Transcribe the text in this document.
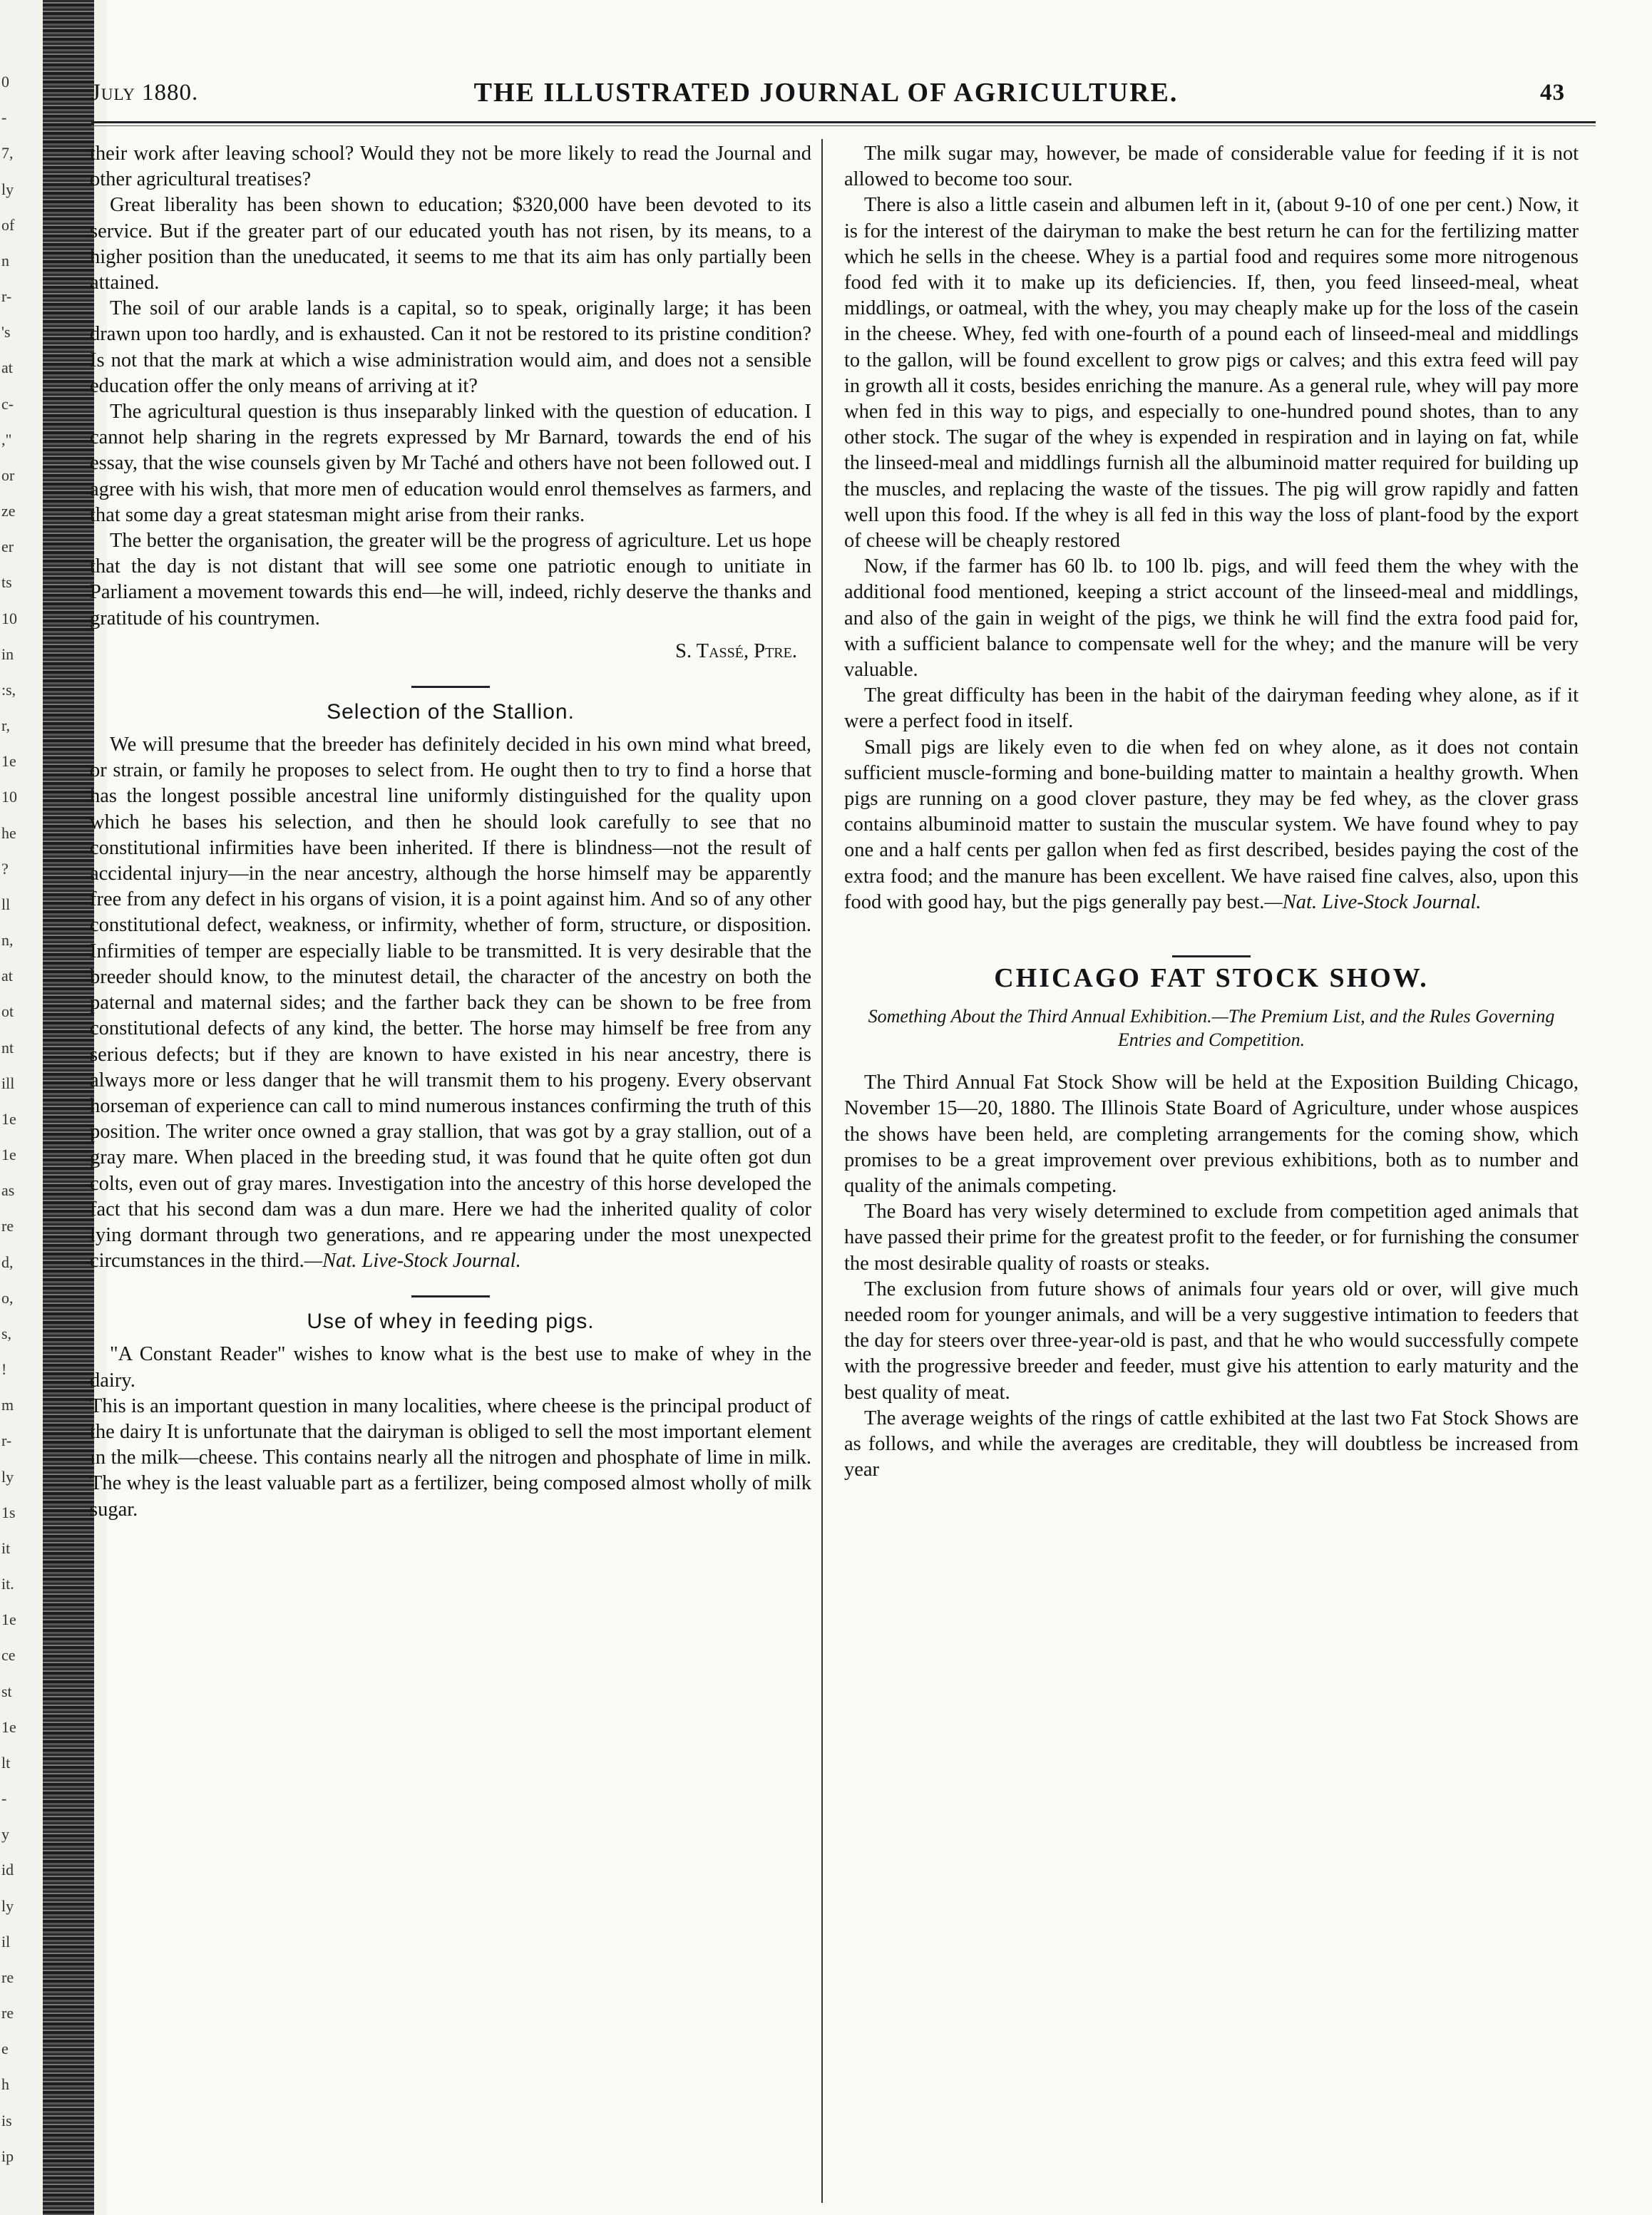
0
-
7,
ly
of
n
r-
's
at
c-
,"
or
ze
er
ts
10
in
:s,
r,
1e
10
he
?
ll
n,
at
ot
nt
ill
1e
1e
as
re
d,
o,
s,
!
m
r-
ly
1s
it
it.
1e
ce
st
1e
lt
-
y
id
ly
il
re
re
e
h
is
ip
July 1880.	THE ILLUSTRATED JOURNAL OF AGRICULTURE.	43

their work after leaving school? Would they not be more likely to read the Journal and other agricultural treatises?

Great liberality has been shown to education; $320,000 have been devoted to its service. But if the greater part of our educated youth has not risen, by its means, to a higher position than the uneducated, it seems to me that its aim has only partially been attained.

The soil of our arable lands is a capital, so to speak, originally large; it has been drawn upon too hardly, and is exhausted. Can it not be restored to its pristine condition? Is not that the mark at which a wise administration would aim, and does not a sensible education offer the only means of arriving at it?

The agricultural question is thus inseparably linked with the question of education. I cannot help sharing in the regrets expressed by Mr Barnard, towards the end of his essay, that the wise counsels given by Mr Taché and others have not been followed out. I agree with his wish, that more men of education would enrol themselves as farmers, and that some day a great statesman might arise from their ranks.

The better the organisation, the greater will be the progress of agriculture. Let us hope that the day is not distant that will see some one patriotic enough to unitiate in Parliament a movement towards this end—he will, indeed, richly deserve the thanks and gratitude of his countrymen.

S. Tassé, Ptre.

Selection of the Stallion.

We will presume that the breeder has definitely decided in his own mind what breed, or strain, or family he proposes to select from. He ought then to try to find a horse that has the longest possible ancestral line uniformly distinguished for the quality upon which he bases his selection, and then he should look carefully to see that no constitutional infirmities have been inherited. If there is blindness—not the result of accidental injury—in the near ancestry, although the horse himself may be apparently free from any defect in his organs of vision, it is a point against him. And so of any other constitutional defect, weakness, or infirmity, whether of form, structure, or disposition. Infirmities of temper are especially liable to be transmitted. It is very desirable that the breeder should know, to the minutest detail, the character of the ancestry on both the paternal and maternal sides; and the farther back they can be shown to be free from constitutional defects of any kind, the better. The horse may himself be free from any serious defects; but if they are known to have existed in his near ancestry, there is always more or less danger that he will transmit them to his progeny. Every observant horseman of experience can call to mind numerous instances confirming the truth of this position. The writer once owned a gray stallion, that was got by a gray stallion, out of a gray mare. When placed in the breeding stud, it was found that he quite often got dun colts, even out of gray mares. Investigation into the ancestry of this horse developed the fact that his second dam was a dun mare. Here we had the inherited quality of color lying dormant through two generations, and re appearing under the most unexpected circumstances in the third.—Nat. Live-Stock Journal.

Use of whey in feeding pigs.

"A Constant Reader" wishes to know what is the best use to make of whey in the dairy.

This is an important question in many localities, where cheese is the principal product of the dairy It is unfortunate that the dairyman is obliged to sell the most important element in the milk—cheese. This contains nearly all the nitrogen and phosphate of lime in milk. The whey is the least valuable part as a fertilizer, being composed almost wholly of milk sugar.

The milk sugar may, however, be made of considerable value for feeding if it is not allowed to become too sour.

There is also a little casein and albumen left in it, (about 9-10 of one per cent.) Now, it is for the interest of the dairyman to make the best return he can for the fertilizing matter which he sells in the cheese. Whey is a partial food and requires some more nitrogenous food fed with it to make up its deficiencies. If, then, you feed linseed-meal, wheat middlings, or oatmeal, with the whey, you may cheaply make up for the loss of the casein in the cheese. Whey, fed with one-fourth of a pound each of linseed-meal and middlings to the gallon, will be found excellent to grow pigs or calves; and this extra feed will pay in growth all it costs, besides enriching the manure. As a general rule, whey will pay more when fed in this way to pigs, and especially to one-hundred pound shotes, than to any other stock. The sugar of the whey is expended in respiration and in laying on fat, while the linseed-meal and middlings furnish all the albuminoid matter required for building up the muscles, and replacing the waste of the tissues. The pig will grow rapidly and fatten well upon this food. If the whey is all fed in this way the loss of plant-food by the export of cheese will be cheaply restored

Now, if the farmer has 60 lb. to 100 lb. pigs, and will feed them the whey with the additional food mentioned, keeping a strict account of the linseed-meal and middlings, and also of the gain in weight of the pigs, we think he will find the extra food paid for, with a sufficient balance to compensate well for the whey; and the manure will be very valuable.

The great difficulty has been in the habit of the dairyman feeding whey alone, as if it were a perfect food in itself.

Small pigs are likely even to die when fed on whey alone, as it does not contain sufficient muscle-forming and bone-building matter to maintain a healthy growth. When pigs are running on a good clover pasture, they may be fed whey, as the clover grass contains albuminoid matter to sustain the muscular system. We have found whey to pay one and a half cents per gallon when fed as first described, besides paying the cost of the extra food; and the manure has been excellent. We have raised fine calves, also, upon this food with good hay, but the pigs generally pay best.—Nat. Live-Stock Journal.

CHICAGO FAT STOCK SHOW.
Something About the Third Annual Exhibition.—The Premium List, and the Rules Governing Entries and Competition.

The Third Annual Fat Stock Show will be held at the Exposition Building Chicago, November 15—20, 1880. The Illinois State Board of Agriculture, under whose auspices the shows have been held, are completing arrangements for the coming show, which promises to be a great improvement over previous exhibitions, both as to number and quality of the animals competing.

The Board has very wisely determined to exclude from competition aged animals that have passed their prime for the greatest profit to the feeder, or for furnishing the consumer the most desirable quality of roasts or steaks.

The exclusion from future shows of animals four years old or over, will give much needed room for younger animals, and will be a very suggestive intimation to feeders that the day for steers over three-year-old is past, and that he who would successfully compete with the progressive breeder and feeder, must give his attention to early maturity and the best quality of meat.

The average weights of the rings of cattle exhibited at the last two Fat Stock Shows are as follows, and while the averages are creditable, they will doubtless be increased from year
